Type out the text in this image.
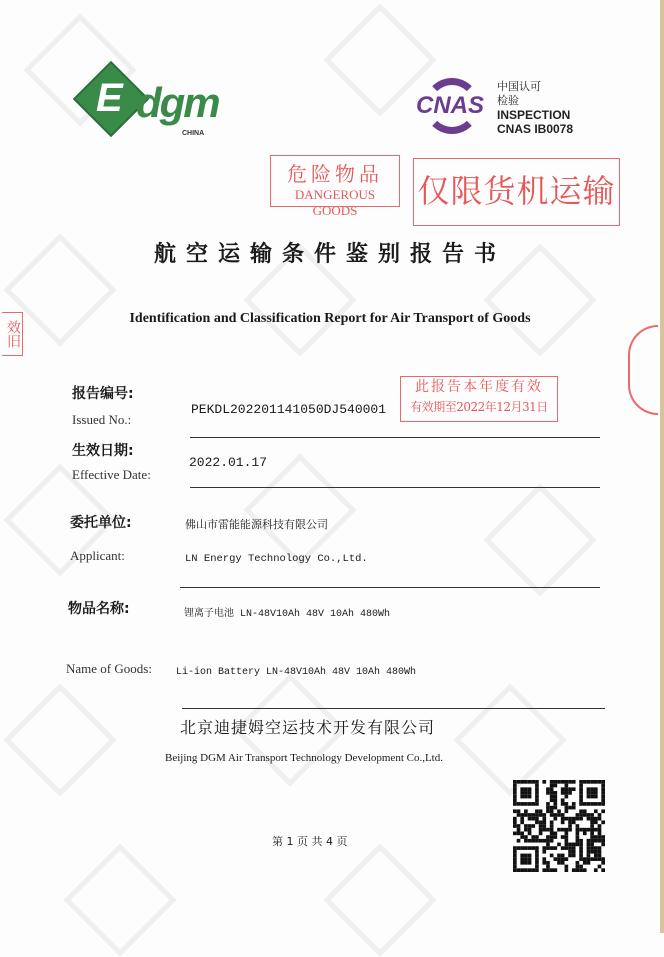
E dgm
CHINA
CNAS
中国认可
检验
INSPECTION
CNAS IB0078
危险物品
DANGEROUS GOODS
仅限货机运输
效旧
航空运输条件鉴别报告书
Identification and Classification Report for Air Transport of Goods
报告编号:
Issued No.:
PEKDL202201141050DJ540001
此报告本年度有效
有效期至2022年12月31日
生效日期:
Effective Date:
2022.01.17
委托单位:
Applicant:
佛山市雷能能源科技有限公司
LN Energy Technology Co.,Ltd.
物品名称:
Name of Goods:
锂离子电池 LN-48V10Ah 48V 10Ah 480Wh
Li-ion Battery LN-48V10Ah 48V 10Ah 480Wh
北京迪捷姆空运技术开发有限公司
Beijing DGM Air Transport Technology Development Co.,Ltd.
第 1 页 共 4 页
